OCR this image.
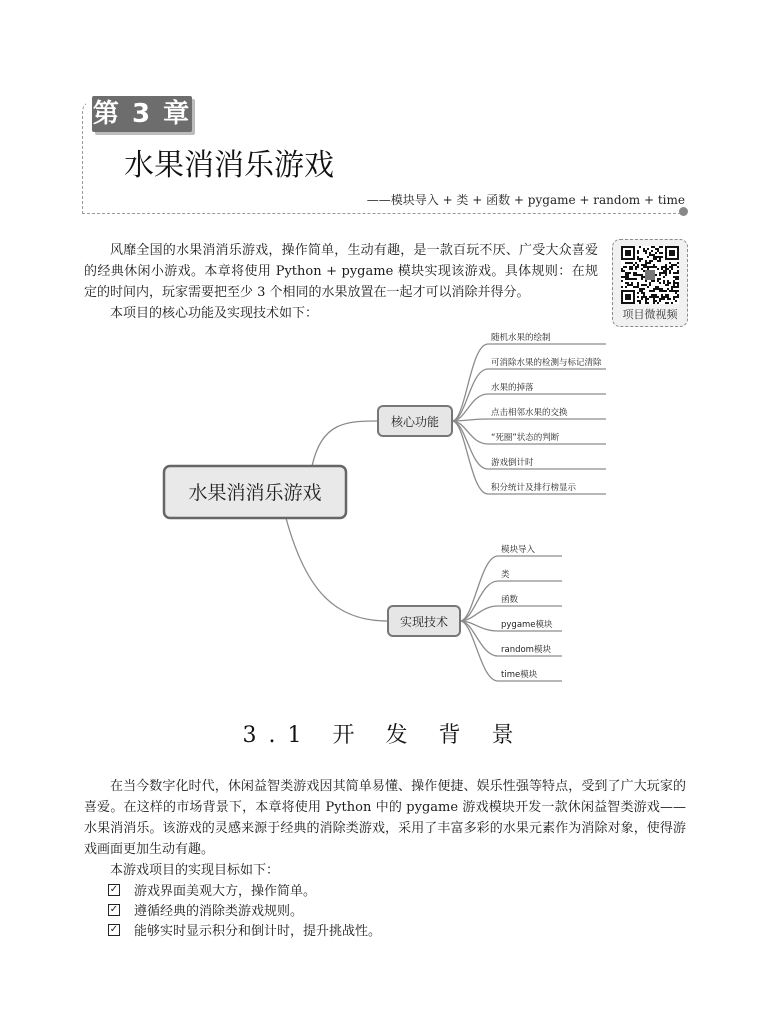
第 3 章
水果消消乐游戏
——模块导入 + 类 + 函数 + pygame + random + time

风靡全国的水果消消乐游戏，操作简单，生动有趣，是一款百玩不厌、广受大众喜爱的经典休闲小游戏。本章将使用 Python + pygame 模块实现该游戏。具体规则：在规定的时间内，玩家需要把至少 3 个相同的水果放置在一起才可以消除并得分。

本项目的核心功能及实现技术如下：	项目微视频
水果消消乐游戏
核心功能
实现技术
随机水果的绘制
可消除水果的检测与标记清除
水果的掉落
点击相邻水果的交换
“死圈”状态的判断
游戏倒计时
积分统计及排行榜显示
模块导入
类
函数
pygame模块
random模块
time模块
3.1 开 发 背 景

在当今数字化时代，休闲益智类游戏因其简单易懂、操作便捷、娱乐性强等特点，受到了广大玩家的喜爱。在这样的市场背景下，本章将使用 Python 中的 pygame 游戏模块开发一款休闲益智类游戏——水果消消乐。该游戏的灵感来源于经典的消除类游戏，采用了丰富多彩的水果元素作为消除对象，使得游戏画面更加生动有趣。

本游戏项目的实现目标如下：

✓ 游戏界面美观大方，操作简单。
✓ 遵循经典的消除类游戏规则。
✓ 能够实时显示积分和倒计时，提升挑战性。
